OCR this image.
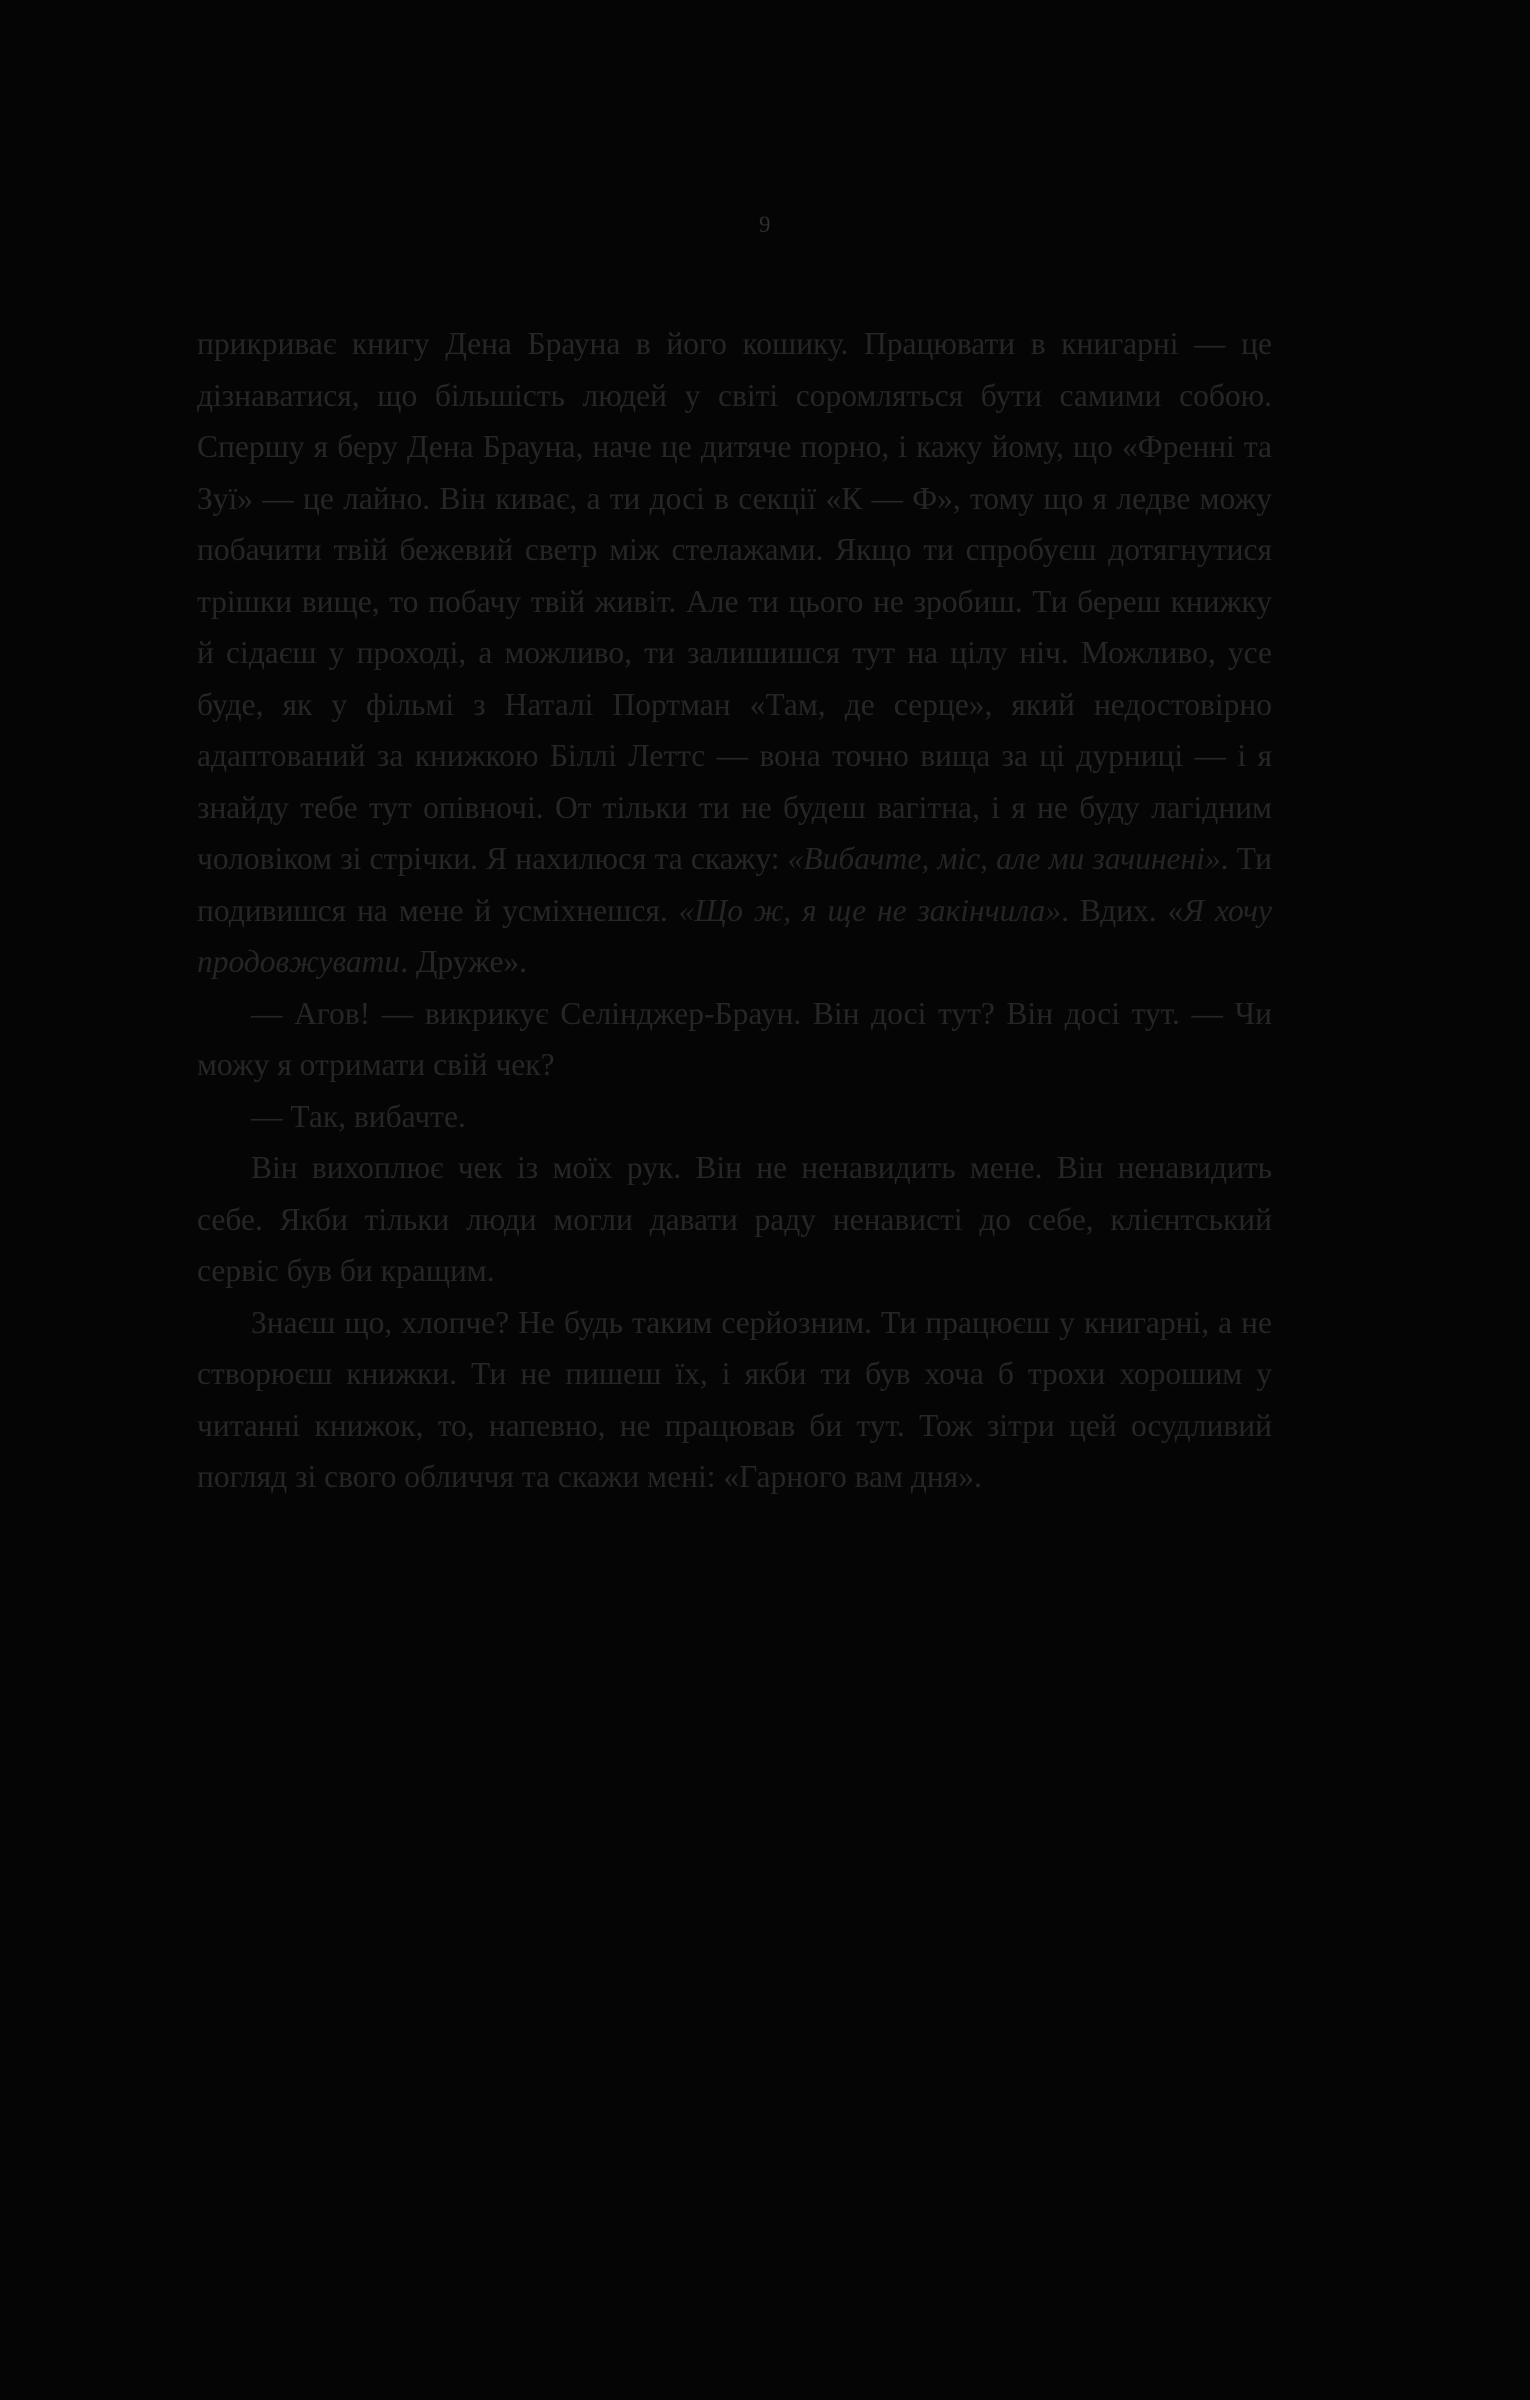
9

прикриває книгу Дена Брауна в його кошику. Працювати в книгарні — це дізнаватися, що більшість людей у світі соромляться бути самими собою. Спершу я беру Дена Брауна, наче це дитяче порно, і кажу йому, що «Френні та Зуї» — це лайно. Він киває, а ти досі в секції «К — Ф», тому що я ледве можу побачити твій бежевий светр між стелажами. Якщо ти спробуєш дотягнутися трішки вище, то побачу твій живіт. Але ти цього не зробиш. Ти береш книжку й сідаєш у проході, а можливо, ти залишишся тут на цілу ніч. Можливо, усе буде, як у фільмі з Наталі Портман «Там, де серце», який недостовірно адаптований за книжкою Біллі Леттс — вона точно вища за ці дурниці — і я знайду тебе тут опівночі. От тільки ти не будеш вагітна, і я не буду лагідним чоловіком зі стрічки. Я нахилюся та скажу: «Вибачте, міс, але ми зачинені». Ти подивишся на мене й усміхнешся. «Що ж, я ще не закінчила». Вдих. «Я хочу продовжувати. Друже».

— Агов! — викрикує Селінджер-Браун. Він досі тут? Він досі тут. — Чи можу я отримати свій чек?

— Так, вибачте.

Він вихоплює чек із моїх рук. Він не ненавидить мене. Він ненавидить себе. Якби тільки люди могли давати раду ненависті до себе, клієнтський сервіс був би кращим.

Знаєш що, хлопче? Не будь таким серйозним. Ти працюєш у книгарні, а не створюєш книжки. Ти не пишеш їх, і якби ти був хоча б трохи хорошим у читанні книжок, то, напевно, не працював би тут. Тож зітри цей осудливий погляд зі свого обличчя та скажи мені: «Гарного вам дня».
